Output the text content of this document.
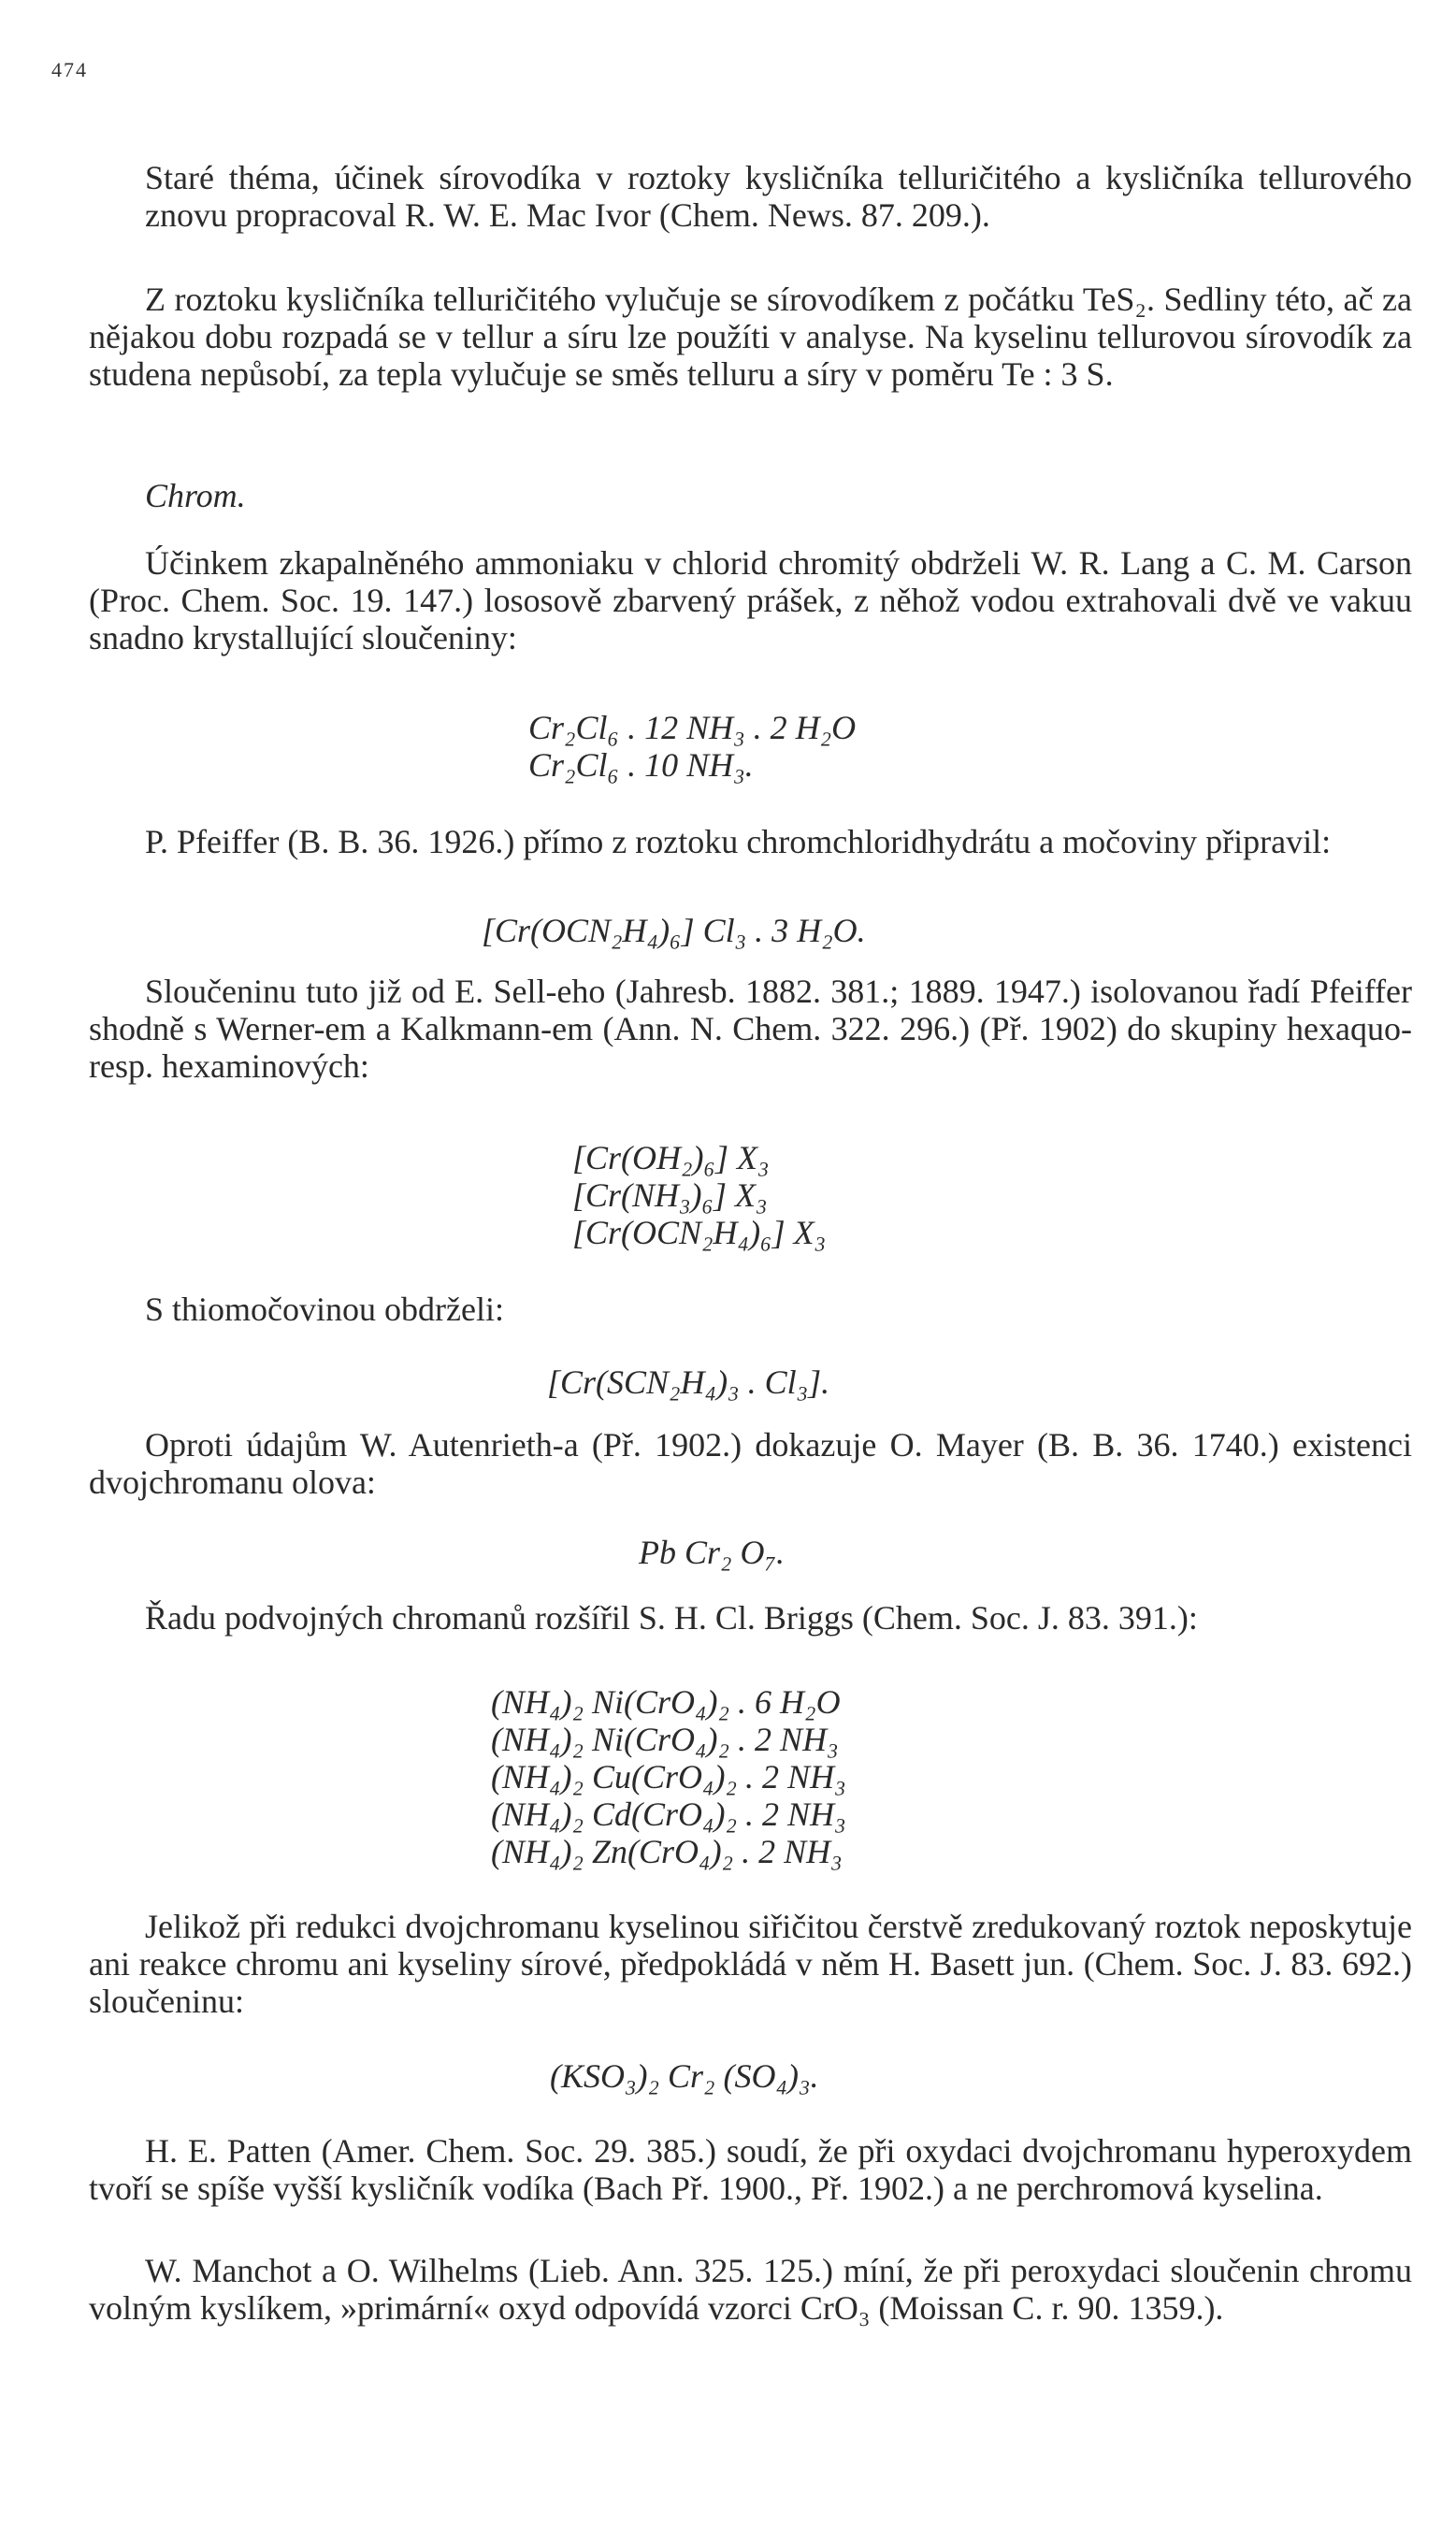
474

Staré théma, účinek sírovodíka v roztoky kysličníka telluričitého a kysličníka tellurového znovu propracoval R. W. E. Mac Ivor (Chem. News. 87. 209.).

Z roztoku kysličníka telluričitého vylučuje se sírovodíkem z počátku TeS₂. Sedliny této, ač za nějakou dobu rozpadá se v tellur a síru lze použíti v analyse. Na kyselinu tellurovou sírovodík za studena nepůsobí, za tepla vylučuje se směs telluru a síry v poměru Te : 3 S.

Chrom.

Účinkem zkapalněného ammoniaku v chlorid chromitý obdrželi W. R. Lang a C. M. Carson (Proc. Chem. Soc. 19. 147.) lososově zbarvený prášek, z něhož vodou extrahovali dvě ve vakuu snadno krystallující sloučeniny:

Cr₂Cl₆ . 12 NH₃ . 2 H₂O
Cr₂Cl₆ . 10 NH₃.

P. Pfeiffer (B. B. 36. 1926.) přímo z roztoku chromchloridhydrátu a močoviny připravil:

[Cr(OCN₂H₄)₆] Cl₃ . 3 H₂O.

Sloučeninu tuto již od E. Sell-eho (Jahresb. 1882. 381.; 1889. 1947.) isolovanou řadí Pfeiffer shodně s Werner-em a Kalkmann-em (Ann. N. Chem. 322. 296.) (Př. 1902) do skupiny hexaquo- resp. hexaminových:

[Cr(OH₂)₆] X₃
[Cr(NH₃)₆] X₃
[Cr(OCN₂H₄)₆] X₃

S thiomočovinou obdrželi:

[Cr(SCN₂H₄)₃ . Cl₃].

Oproti údajům W. Autenrieth-a (Př. 1902.) dokazuje O. Mayer (B. B. 36. 1740.) existenci dvojchromanu olova:

Pb Cr₂ O₇.

Řadu podvojných chromanů rozšířil S. H. Cl. Briggs (Chem. Soc. J. 83. 391.):

(NH₄)₂ Ni(CrO₄)₂ . 6 H₂O
(NH₄)₂ Ni(CrO₄)₂ . 2 NH₃
(NH₄)₂ Cu(CrO₄)₂ . 2 NH₃
(NH₄)₂ Cd(CrO₄)₂ . 2 NH₃
(NH₄)₂ Zn(CrO₄)₂ . 2 NH₃

Jelikož při redukci dvojchromanu kyselinou siřičitou čerstvě zredukovaný roztok neposkytuje ani reakce chromu ani kyseliny sírové, předpokládá v něm H. Basett jun. (Chem. Soc. J. 83. 692.) sloučeninu:

(KSO₃)₂ Cr₂ (SO₄)₃.

H. E. Patten (Amer. Chem. Soc. 29. 385.) soudí, že při oxydaci dvojchromanu hyperoxydem tvoří se spíše vyšší kysličník vodíka (Bach Př. 1900., Př. 1902.) a ne perchromová kyselina.

W. Manchot a O. Wilhelms (Lieb. Ann. 325. 125.) míní, že při peroxydaci sloučenin chromu volným kyslíkem, »primární« oxyd odpovídá vzorci CrO₃ (Moissan C. r. 90. 1359.).
